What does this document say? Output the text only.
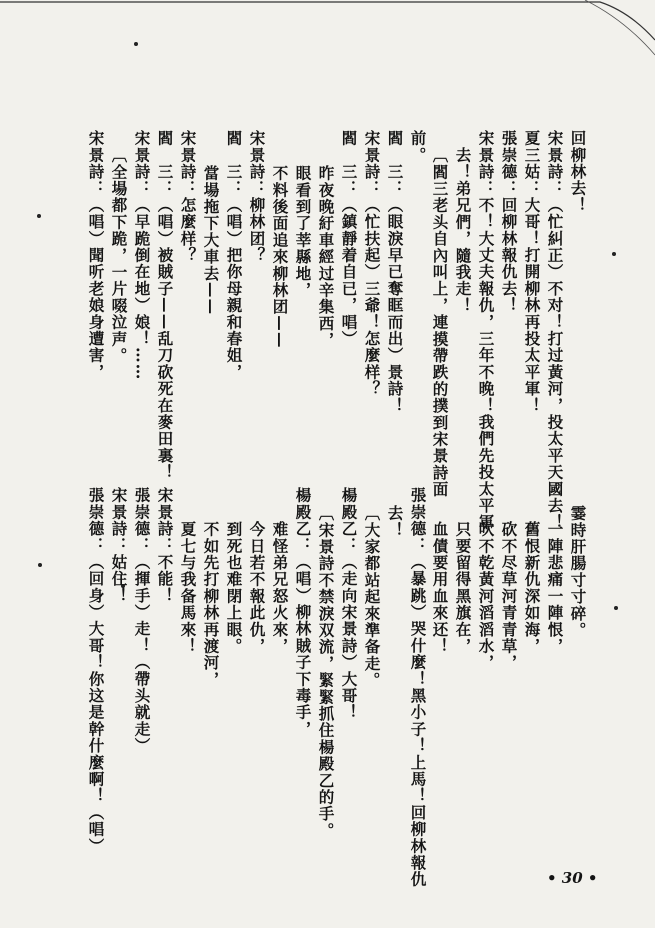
回柳林去！
宋景詩：（忙糾正）不对！打过黃河，投太平天國去！
夏三姑：大哥！打開柳林再投太平軍！
張崇德：回柳林報仇去！
宋景詩：不！大丈夫報仇，三年不晚！我們先投太平軍
去！弟兄們，隨我走！
〔閻三老头自內叫上，連摸帶跌的撲到宋景詩面
前。
閻　三：（眼淚早已奪眶而出）景詩！
宋景詩：（忙扶起）三爺！怎麼样？
閻　三：（鎮靜着自已，唱）
昨夜晚紆車經过辛集西，
眼看到了莘縣地，
不料後面追來柳林团——
宋景詩：柳林团？
閻　三：（唱）把你母親和春姐，
當場拖下大車去——
宋景詩：怎麼样？
閻　三：（唱）被賊子——乱刀砍死在麥田裏！
宋景詩：（早跪倒在地）娘！……
〔全場都下跪，一片啜泣声。
宋景詩：（唱）聞听老娘身遭害，
霎時肝腸寸寸碎。
一陣悲痛一陣恨，
舊恨新仇深如海，
砍不尽草河青青草，
吹不乾黃河滔滔水，
只要留得黑旗在，
血債要用血來还！
張崇德：（暴跳）哭什麼！黑小子！上馬！回柳林報仇
去！
〔大家都站起來準备走。
楊殿乙：（走向宋景詩）大哥！
〔宋景詩不禁淚双流，緊緊抓住楊殿乙的手。
楊殿乙：（唱）柳林賊子下毒手，
难怪弟兄怒火來，
今日若不報此仇，
到死也难閉上眼。
不如先打柳林再渡河，
夏七与我备馬來！
宋景詩：不能！
張崇德：（揮手）走！（帶头就走）
宋景詩：姑住！
張崇德：（回身）大哥！你这是幹什麼啊！（唱）
• 30 •
